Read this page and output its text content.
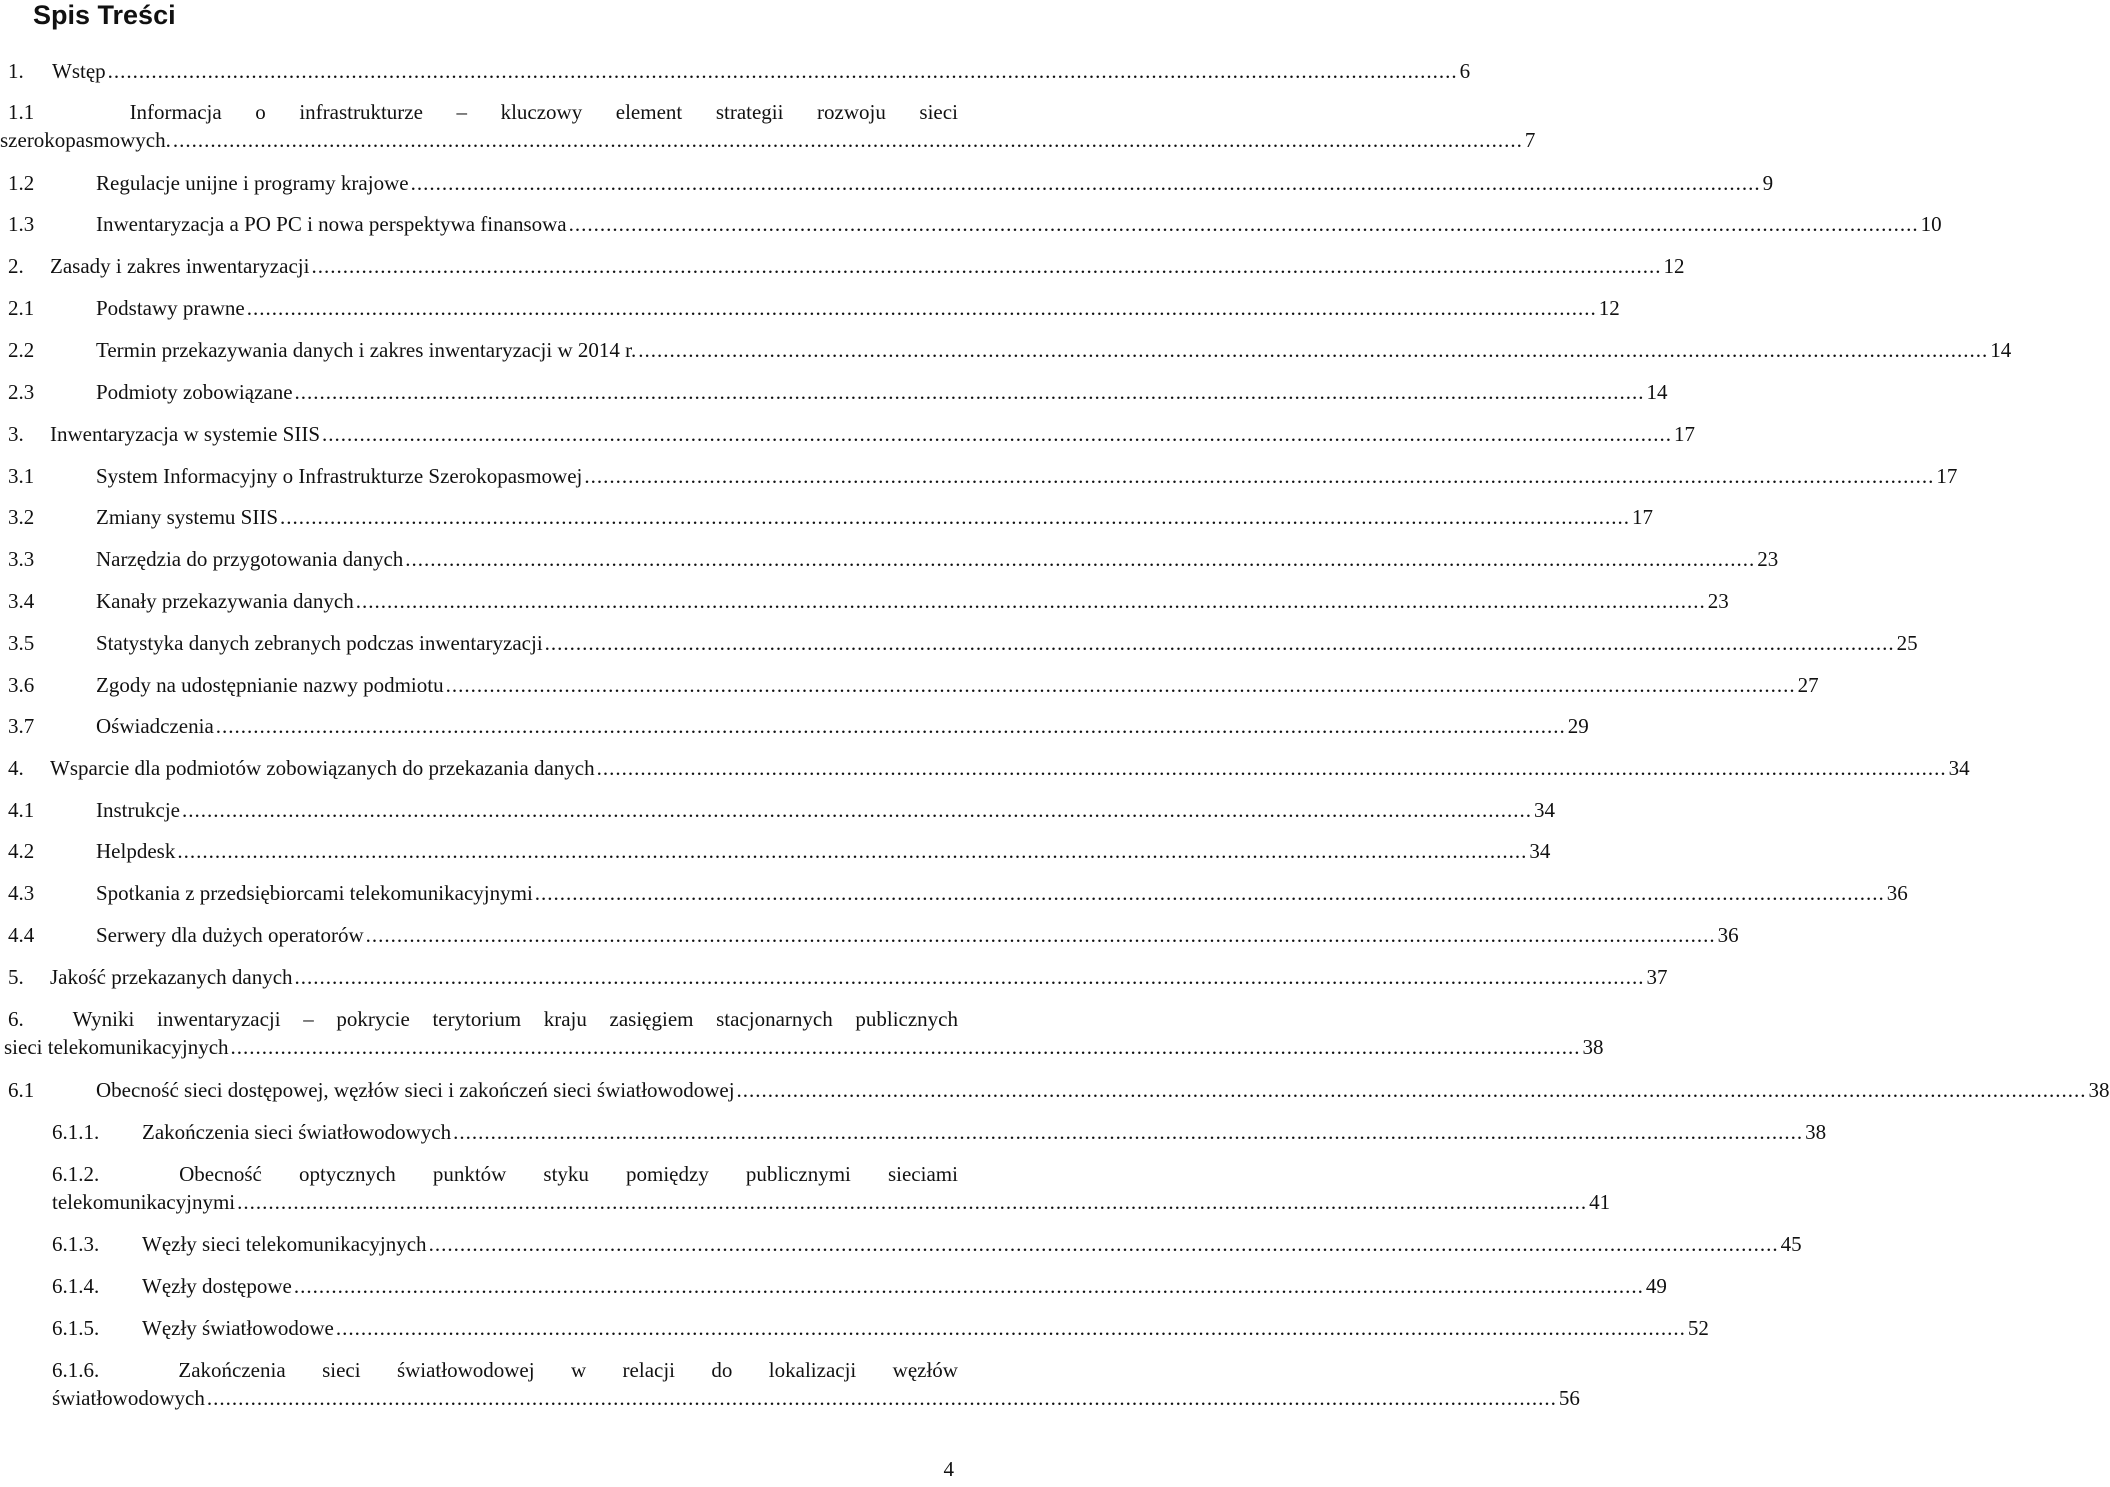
Spis Treści
1.	Wstęp .....	6
1.1	Informacja o infrastrukturze – kluczowy element strategii rozwoju sieci
szerokopasmowych. .....	7
1.2	Regulacje unijne i programy krajowe .....	9
1.3	Inwentaryzacja a PO PC i nowa perspektywa finansowa .....	10
2.	Zasady i zakres inwentaryzacji .....	12
2.1	Podstawy prawne .....	12
2.2	Termin przekazywania danych i zakres inwentaryzacji w 2014 r. .....	14
2.3	Podmioty zobowiązane .....	14
3.	Inwentaryzacja w systemie SIIS .....	17
3.1	System Informacyjny o Infrastrukturze Szerokopasmowej .....	17
3.2	Zmiany systemu SIIS .....	17
3.3	Narzędzia do przygotowania danych .....	23
3.4	Kanały przekazywania danych .....	23
3.5	Statystyka danych zebranych podczas inwentaryzacji .....	25
3.6	Zgody na udostępnianie nazwy podmiotu .....	27
3.7	Oświadczenia .....	29
4.	Wsparcie dla podmiotów zobowiązanych do przekazania danych .....	34
4.1	Instrukcje .....	34
4.2	Helpdesk .....	34
4.3	Spotkania z przedsiębiorcami telekomunikacyjnymi .....	36
4.4	Serwery dla dużych operatorów .....	36
5.	Jakość przekazanych danych .....	37
6.	Wyniki inwentaryzacji – pokrycie terytorium kraju zasięgiem stacjonarnych publicznych
sieci telekomunikacyjnych .....	38
6.1	Obecność sieci dostępowej, węzłów sieci i zakończeń sieci światłowodowej .....	38
6.1.1.	Zakończenia sieci światłowodowych .....	38
6.1.2.	Obecność optycznych punktów styku pomiędzy publicznymi sieciami
telekomunikacyjnymi .....	41
6.1.3.	Węzły sieci telekomunikacyjnych .....	45
6.1.4.	Węzły dostępowe .....	49
6.1.5.	Węzły światłowodowe .....	52
6.1.6.	Zakończenia sieci światłowodowej w relacji do lokalizacji węzłów
światłowodowych .....	56
4
